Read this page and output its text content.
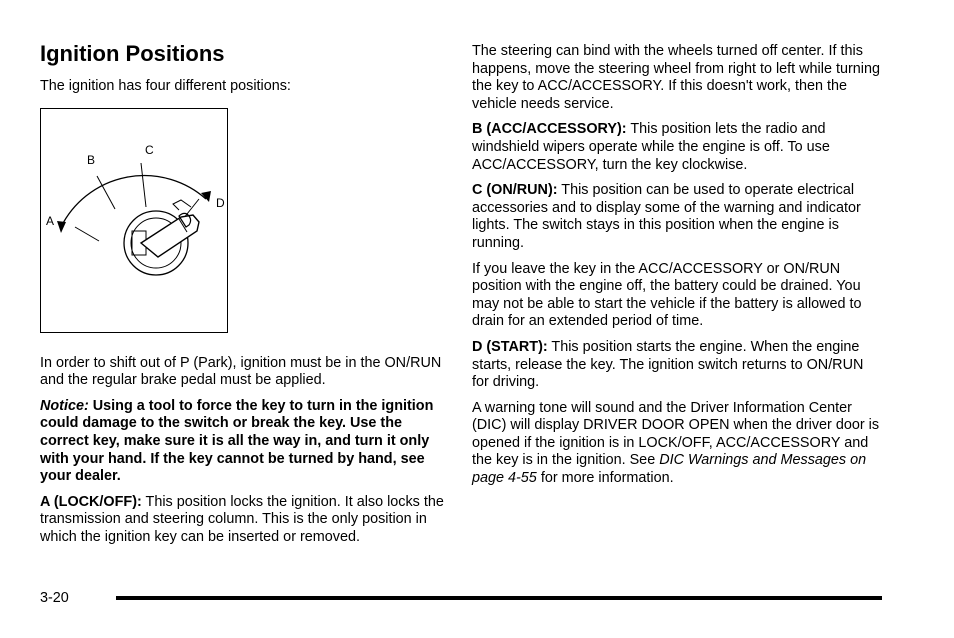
Ignition Positions

The ignition has four different positions:

A
B
C
D

In order to shift out of P (Park), ignition must be in the ON/RUN and the regular brake pedal must be applied.

Notice: Using a tool to force the key to turn in the ignition could damage to the switch or break the key. Use the correct key, make sure it is all the way in, and turn it only with your hand. If the key cannot be turned by hand, see your dealer.

A (LOCK/OFF): This position locks the ignition. It also locks the transmission and steering column. This is the only position in which the ignition key can be inserted or removed.

The steering can bind with the wheels turned off center. If this happens, move the steering wheel from right to left while turning the key to ACC/ACCESSORY. If this doesn't work, then the vehicle needs service.

B (ACC/ACCESSORY): This position lets the radio and windshield wipers operate while the engine is off. To use ACC/ACCESSORY, turn the key clockwise.

C (ON/RUN): This position can be used to operate electrical accessories and to display some of the warning and indicator lights. The switch stays in this position when the engine is running.

If you leave the key in the ACC/ACCESSORY or ON/RUN position with the engine off, the battery could be drained. You may not be able to start the vehicle if the battery is allowed to drain for an extended period of time.

D (START): This position starts the engine. When the engine starts, release the key. The ignition switch returns to ON/RUN for driving.

A warning tone will sound and the Driver Information Center (DIC) will display DRIVER DOOR OPEN when the driver door is opened if the ignition is in LOCK/OFF, ACC/ACCESSORY and the key is in the ignition. See DIC Warnings and Messages on page 4-55 for more information.

3-20
